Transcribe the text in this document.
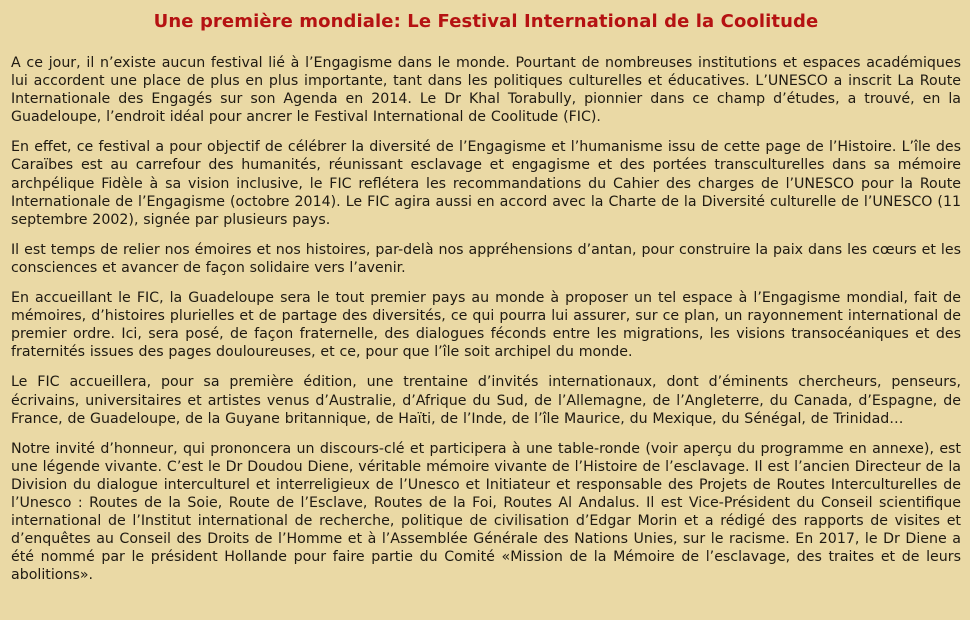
Une première mondiale: Le Festival International de la Coolitude

A ce jour, il n’existe aucun festival lié à l’Engagisme dans le monde. Pourtant de nombreuses institutions et espaces académiques lui accordent une place de plus en plus importante, tant dans les politiques culturelles et éducatives. L’UNESCO a inscrit La Route Internationale des Engagés sur son Agenda en 2014. Le Dr Khal Torabully, pionnier dans ce champ d’études, a trouvé, en la Guadeloupe, l’endroit idéal pour ancrer le Festival International de Coolitude (FIC).

En effet, ce festival a pour objectif de célébrer la diversité de l’Engagisme et l’humanisme issu de cette page de l’Histoire. L’île des Caraïbes est au carrefour des humanités, réunissant esclavage et engagisme et des portées transculturelles dans sa mémoire archpélique Fidèle à sa vision inclusive, le FIC reflétera les recommandations du Cahier des charges de l’UNESCO pour la Route Internationale de l’Engagisme (octobre 2014). Le FIC agira aussi en accord avec la Charte de la Diversité culturelle de l’UNESCO (11 septembre 2002), signée par plusieurs pays.

Il est temps de relier nos émoires et nos histoires, par-delà nos appréhensions d’antan, pour construire la paix dans les cœurs et les consciences et avancer de façon solidaire vers l’avenir.

En accueillant le FIC, la Guadeloupe sera le tout premier pays au monde à proposer un tel espace à l’Engagisme mondial, fait de mémoires, d’histoires plurielles et de partage des diversités, ce qui pourra lui assurer, sur ce plan, un rayonnement international de premier ordre. Ici, sera posé, de façon fraternelle, des dialogues féconds entre les migrations, les visions transocéaniques et des fraternités issues des pages douloureuses, et ce, pour que l’île soit archipel du monde.

Le FIC accueillera, pour sa première édition, une trentaine d’invités internationaux, dont d’éminents chercheurs, penseurs, écrivains, universitaires et artistes venus d’Australie, d’Afrique du Sud, de l’Allemagne, de l’Angleterre, du Canada, d’Espagne, de France, de Guadeloupe, de la Guyane britannique, de Haïti, de l’Inde, de l’île Maurice, du Mexique, du Sénégal, de Trinidad…

Notre invité d’honneur, qui prononcera un discours-clé et participera à une table-ronde (voir aperçu du programme en annexe), est une légende vivante. C’est le Dr Doudou Diene, véritable mémoire vivante de l’Histoire de l’esclavage. Il est l’ancien Directeur de la Division du dialogue interculturel et interreligieux de l’Unesco et Initiateur et responsable des Projets de Routes Interculturelles de l’Unesco : Routes de la Soie, Route de l’Esclave, Routes de la Foi, Routes Al Andalus. Il est Vice-Président du Conseil scientifique international de l’Institut international de recherche, politique de civilisation d’Edgar Morin et a rédigé des rapports de visites et d’enquêtes au Conseil des Droits de l’Homme et à l’Assemblée Générale des Nations Unies, sur le racisme. En 2017, le Dr Diene a été nommé par le président Hollande pour faire partie du Comité «Mission de la Mémoire de l’esclavage, des traites et de leurs abolitions».
